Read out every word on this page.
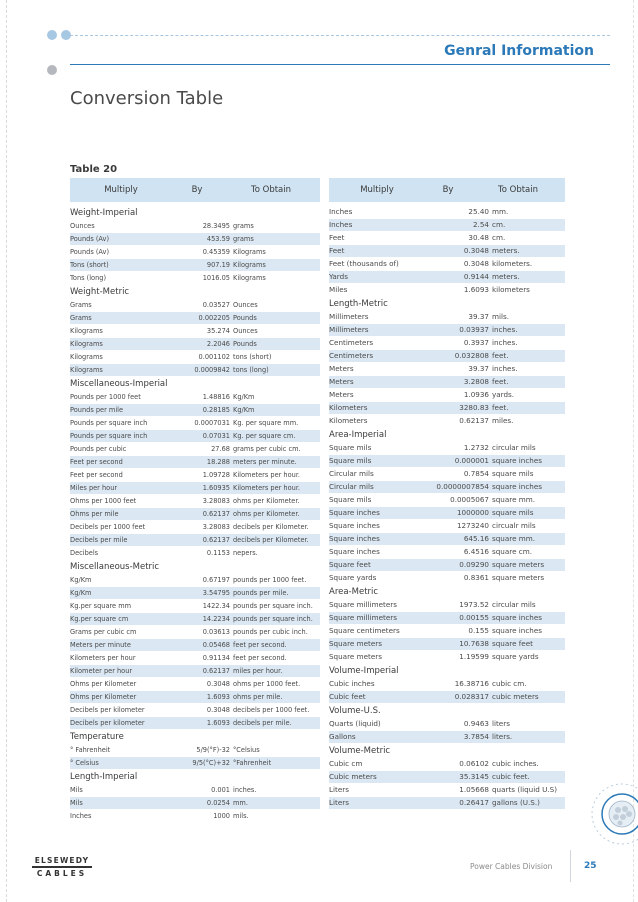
Genral Information
Conversion Table
Table 20
Multiply	By	To Obtain
Weight-Imperial
Ounces	28.3495 grams
Pounds (Av)	453.59 grams
Pounds (Av)	0.45359 Kilograms
Tons (short)	907.19 Kilograms
Tons (long)	1016.05 Kilograms
Weight-Metric
Grams	0.03527 Ounces
Grams	0.002205 Pounds
Kilograms	35.274 Ounces
Kilograms	2.2046 Pounds
Kilograms	0.001102 tons (short)
Kilograms	0.0009842 tons (long)
Miscellaneous-Imperial
Pounds per 1000 feet	1.48816 Kg/Km
Pounds per mile	0.28185 Kg/Km
Pounds per square inch	0.0007031 Kg. per square mm.
Pounds per square inch	0.07031 Kg. per square cm.
Pounds per cubic	27.68 grams per cubic cm.
Feet per second	18.288 meters per minute.
Feet per second	1.09728 Kilometers per hour.
Miles per hour	1.60935 Kilometers per hour.
Ohms per 1000 feet	3.28083 ohms per Kilometer.
Ohms per mile	0.62137 ohms per Kilometer.
Decibels per 1000 feet	3.28083 decibels per Kilometer.
Decibels per mile	0.62137 decibels per Kilometer.
Decibels	0.1153 nepers.
Miscellaneous-Metric
Kg/Km	0.67197 pounds per 1000 feet.
Kg/Km	3.54795 pounds per mile.
Kg.per square mm	1422.34 pounds per square inch.
Kg.per square cm	14.2234 pounds per square inch.
Grams per cubic cm	0.03613 pounds per cubic inch.
Meters per minute	0.05468 feet per second.
Kilometers per hour	0.91134 feet per second.
Kilometer per hour	0.62137 miles per hour.
Ohms per Kilometer	0.3048 ohms per 1000 feet.
Ohms per Kilometer	1.6093 ohms per mile.
Decibels per kilometer	0.3048 decibels per 1000 feet.
Decibels per kilometer	1.6093 decibels per mile.
Temperature
° Fahrenheit	5/9(°F)-32 °Celsius
° Celsius	9/5(°C)+32 °Fahrenheit
Length-Imperial
Mils	0.001 inches.
Mils	0.0254 mm.
Inches	1000 mils.
Multiply	By	To Obtain
Inches	25.40 mm.
Inches	2.54 cm.
Feet	30.48 cm.
Feet	0.3048 meters.
Feet (thousands of)	0.3048 kilometers.
Yards	0.9144 meters.
Miles	1.6093 kilometers
Length-Metric
Millimeters	39.37 mils.
Millimeters	0.03937 inches.
Centimeters	0.3937 inches.
Centimeters	0.032808 feet.
Meters	39.37 inches.
Meters	3.2808 feet.
Meters	1.0936 yards.
Kilometers	3280.83 feet.
Kilometers	0.62137 miles.
Area-Imperial
Square mils	1.2732 circular mils
Square mils	0.000001 square inches
Circular mils	0.7854 square mils
Circular mils	0.0000007854 square inches
Square mils	0.0005067 square mm.
Square inches	1000000 square mils
Square inches	1273240 circualr mils
Square inches	645.16 square mm.
Square inches	6.4516 square cm.
Square feet	0.09290 square meters
Square yards	0.8361 square meters
Area-Metric
Square millimeters	1973.52 circular mils
Square millimeters	0.00155 square inches
Square centimeters	0.155 square inches
Square meters	10.7638 square feet
Square meters	1.19599 square yards
Volume-Imperial
Cubic inches	16.38716 cubic cm.
Cubic feet	0.028317 cubic meters
Volume-U.S.
Quarts (liquid)	0.9463 liters
Gallons	3.7854 liters.
Volume-Metric
Cubic cm	0.06102 cubic inches.
Cubic meters	35.3145 cubic feet.
Liters	1.05668 quarts (liquid U.S)
Liters	0.26417 gallons (U.S.)
ELSEWEDY
CABLES
Power Cables Division	25
